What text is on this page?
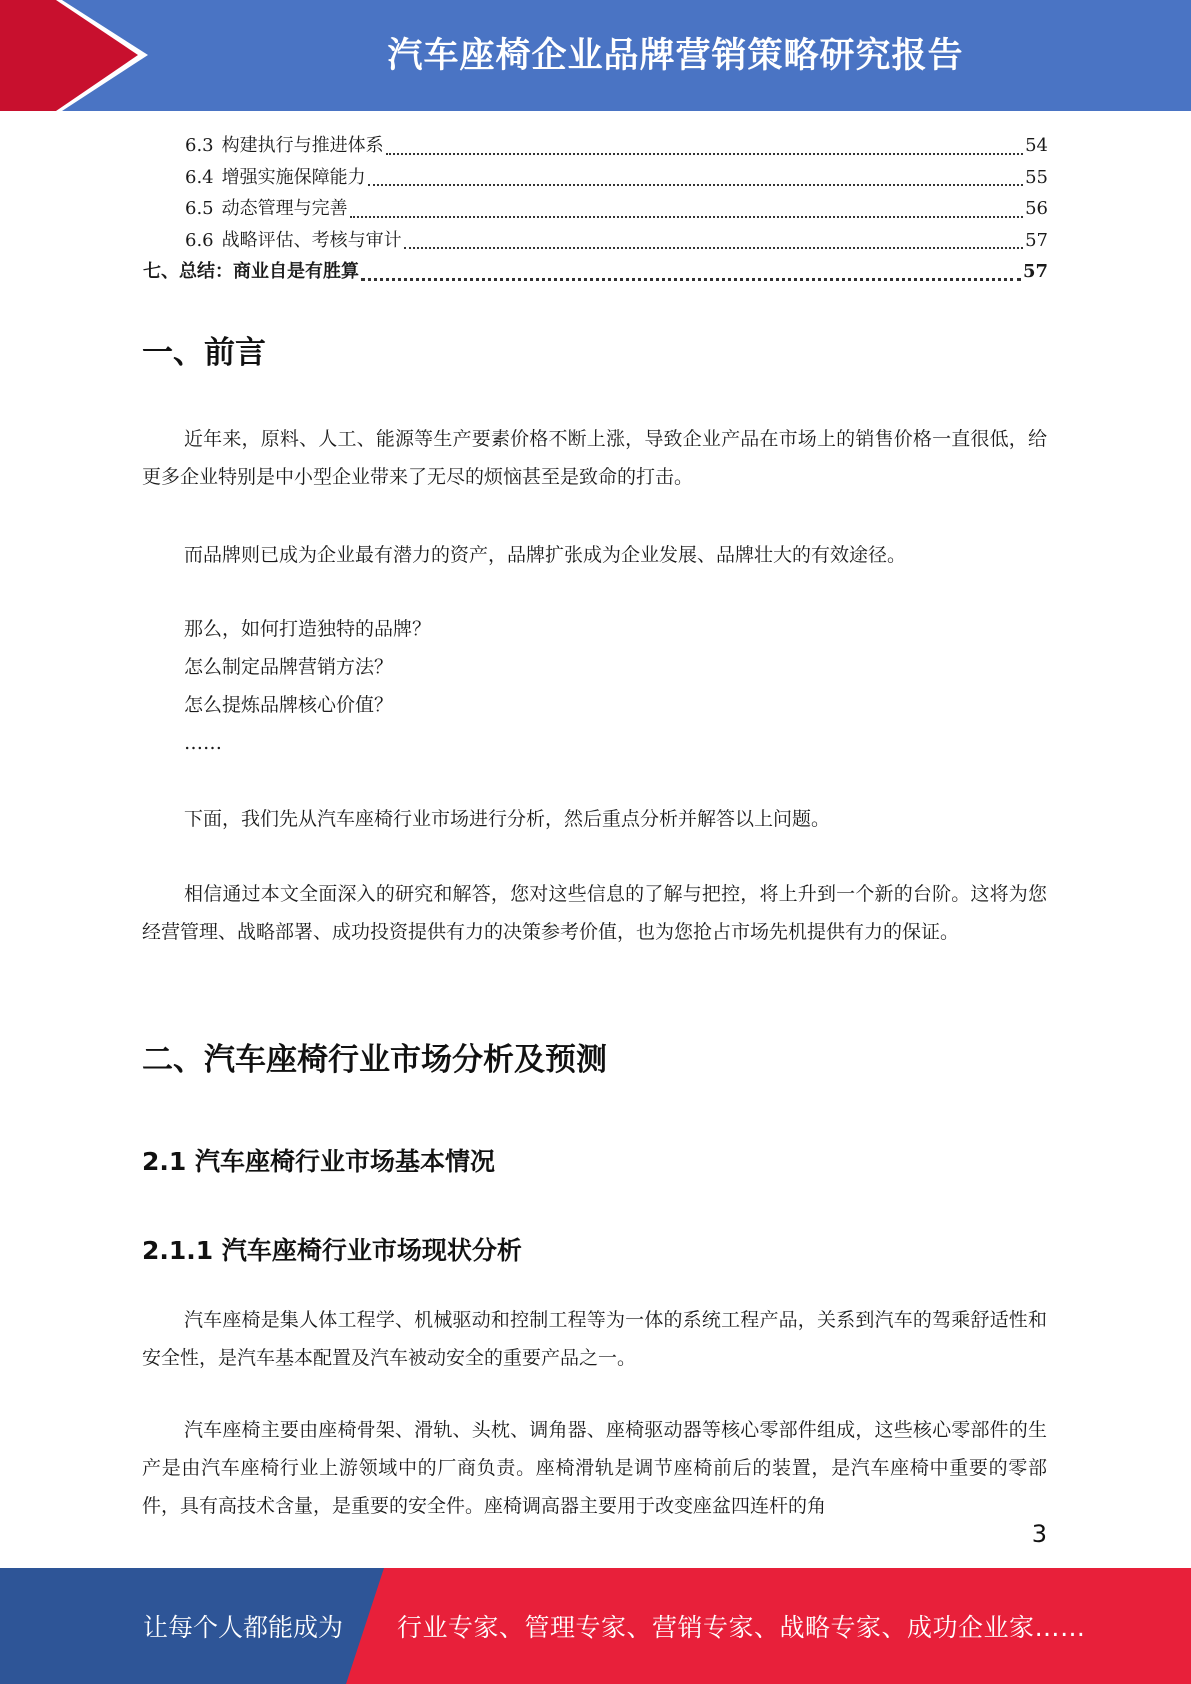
汽车座椅企业品牌营销策略研究报告
6.3 构建执行与推进体系	54
6.4 增强实施保障能力	55
6.5 动态管理与完善	56
6.6 战略评估、考核与审计	57
七、总结：商业自是有胜算	57
一、前言

近年来，原料、人工、能源等生产要素价格不断上涨，导致企业产品在市场上的销售价格一直很低，给更多企业特别是中小型企业带来了无尽的烦恼甚至是致命的打击。

而品牌则已成为企业最有潜力的资产，品牌扩张成为企业发展、品牌壮大的有效途径。

那么，如何打造独特的品牌？

怎么制定品牌营销方法？

怎么提炼品牌核心价值？

……

下面，我们先从汽车座椅行业市场进行分析，然后重点分析并解答以上问题。

相信通过本文全面深入的研究和解答，您对这些信息的了解与把控，将上升到一个新的台阶。这将为您经营管理、战略部署、成功投资提供有力的决策参考价值，也为您抢占市场先机提供有力的保证。

二、汽车座椅行业市场分析及预测
2.1 汽车座椅行业市场基本情况
2.1.1 汽车座椅行业市场现状分析

汽车座椅是集人体工程学、机械驱动和控制工程等为一体的系统工程产品，关系到汽车的驾乘舒适性和安全性，是汽车基本配置及汽车被动安全的重要产品之一。

汽车座椅主要由座椅骨架、滑轨、头枕、调角器、座椅驱动器等核心零部件组成，这些核心零部件的生产是由汽车座椅行业上游领域中的厂商负责。座椅滑轨是调节座椅前后的装置，是汽车座椅中重要的零部件，具有高技术含量，是重要的安全件。座椅调高器主要用于改变座盆四连杆的角

3
让每个人都能成为 行业专家、管理专家、营销专家、战略专家、成功企业家……
